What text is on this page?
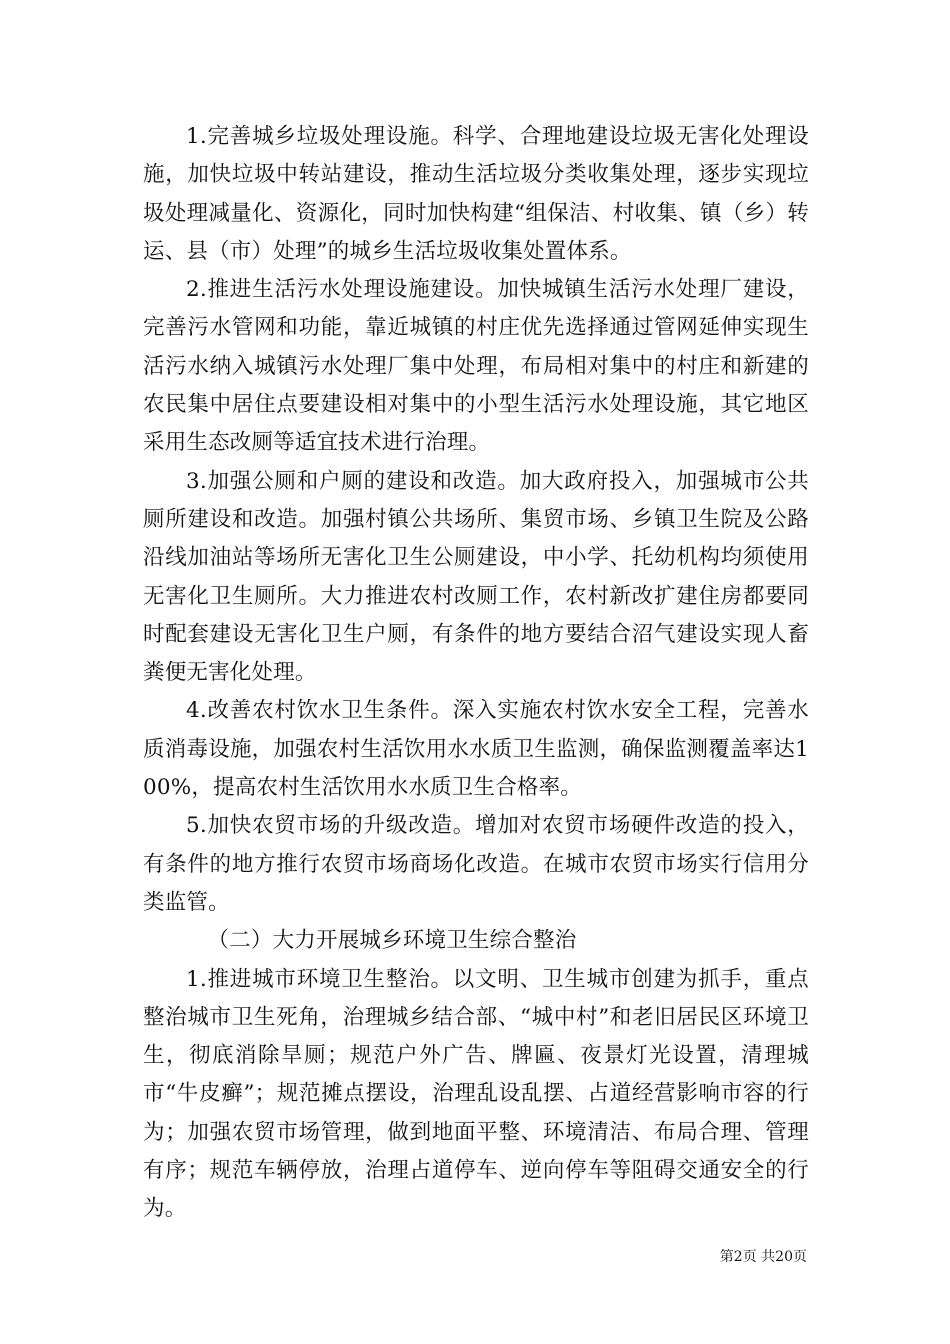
1.完善城乡垃圾处理设施。科学、合理地建设垃圾无害化处理设施，加快垃圾中转站建设，推动生活垃圾分类收集处理，逐步实现垃圾处理减量化、资源化，同时加快构建“组保洁、村收集、镇（乡）转运、县（市）处理”的城乡生活垃圾收集处置体系。

2.推进生活污水处理设施建设。加快城镇生活污水处理厂建设，完善污水管网和功能，靠近城镇的村庄优先选择通过管网延伸实现生活污水纳入城镇污水处理厂集中处理，布局相对集中的村庄和新建的农民集中居住点要建设相对集中的小型生活污水处理设施，其它地区采用生态改厕等适宜技术进行治理。

3.加强公厕和户厕的建设和改造。加大政府投入，加强城市公共厕所建设和改造。加强村镇公共场所、集贸市场、乡镇卫生院及公路沿线加油站等场所无害化卫生公厕建设，中小学、托幼机构均须使用无害化卫生厕所。大力推进农村改厕工作，农村新改扩建住房都要同时配套建设无害化卫生户厕，有条件的地方要结合沼气建设实现人畜粪便无害化处理。

4.改善农村饮水卫生条件。深入实施农村饮水安全工程，完善水质消毒设施，加强农村生活饮用水水质卫生监测，确保监测覆盖率达100%，提高农村生活饮用水水质卫生合格率。

5.加快农贸市场的升级改造。增加对农贸市场硬件改造的投入，有条件的地方推行农贸市场商场化改造。在城市农贸市场实行信用分类监管。

（二）大力开展城乡环境卫生综合整治

1.推进城市环境卫生整治。以文明、卫生城市创建为抓手，重点整治城市卫生死角，治理城乡结合部、“城中村”和老旧居民区环境卫生，彻底消除旱厕；规范户外广告、牌匾、夜景灯光设置，清理城市“牛皮癣”；规范摊点摆设，治理乱设乱摆、占道经营影响市容的行为；加强农贸市场管理，做到地面平整、环境清洁、布局合理、管理有序；规范车辆停放，治理占道停车、逆向停车等阻碍交通安全的行为。

第2页 共20页
